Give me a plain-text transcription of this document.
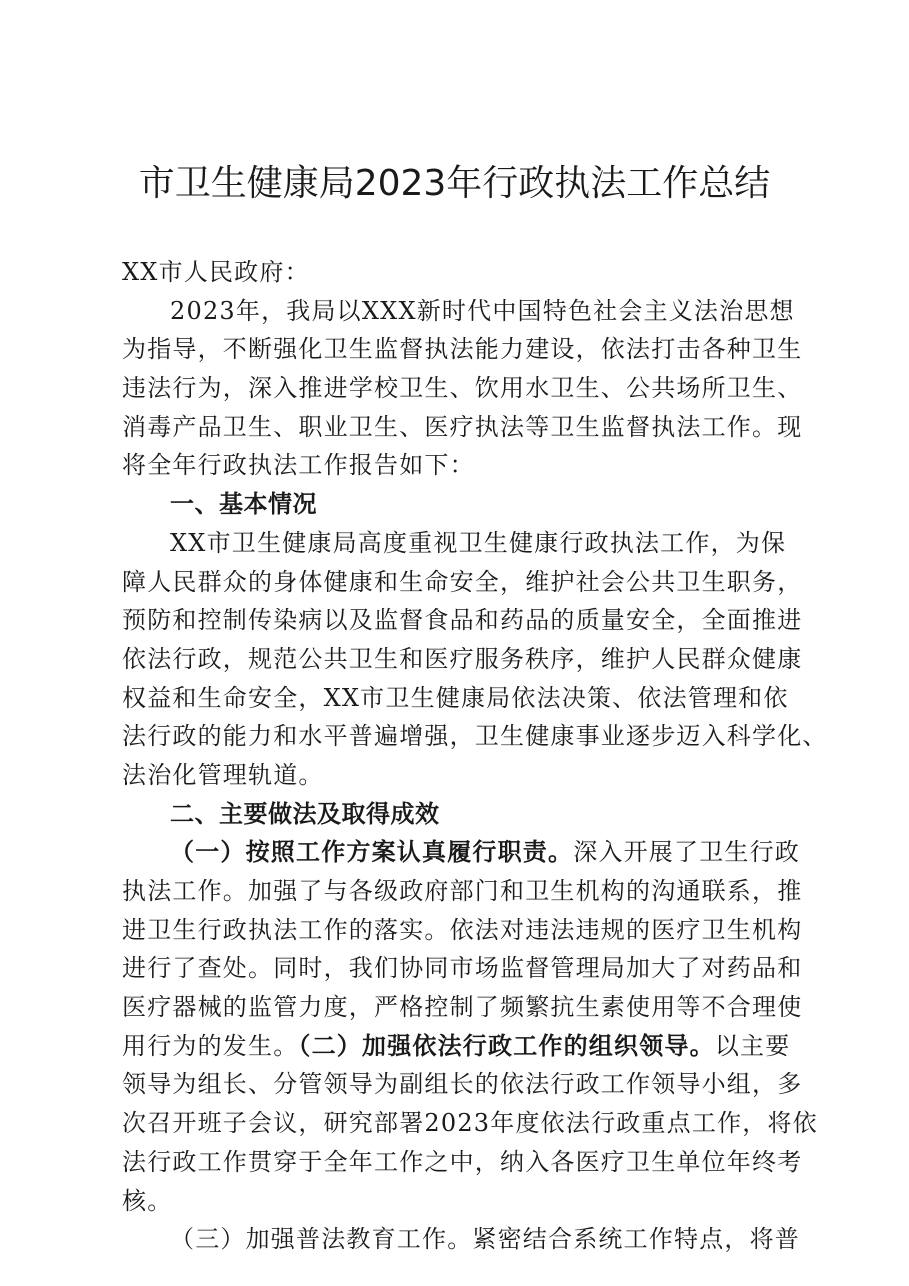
市卫生健康局2023年行政执法工作总结
XX市人民政府：
2023年，我局以XXX新时代中国特色社会主义法治思想
为指导，不断强化卫生监督执法能力建设，依法打击各种卫生
违法行为，深入推进学校卫生、饮用水卫生、公共场所卫生、
消毒产品卫生、职业卫生、医疗执法等卫生监督执法工作。现
将全年行政执法工作报告如下：
一、基本情况
XX市卫生健康局高度重视卫生健康行政执法工作，为保
障人民群众的身体健康和生命安全，维护社会公共卫生职务，
预防和控制传染病以及监督食品和药品的质量安全，全面推进
依法行政，规范公共卫生和医疗服务秩序，维护人民群众健康
权益和生命安全，XX市卫生健康局依法决策、依法管理和依
法行政的能力和水平普遍增强，卫生健康事业逐步迈入科学化、
法治化管理轨道。
二、主要做法及取得成效
（一）按照工作方案认真履行职责。深入开展了卫生行政
执法工作。加强了与各级政府部门和卫生机构的沟通联系，推
进卫生行政执法工作的落实。依法对违法违规的医疗卫生机构
进行了查处。同时，我们协同市场监督管理局加大了对药品和
医疗器械的监管力度，严格控制了频繁抗生素使用等不合理使
用行为的发生。（二）加强依法行政工作的组织领导。以主要
领导为组长、分管领导为副组长的依法行政工作领导小组，多
次召开班子会议，研究部署2023年度依法行政重点工作，将依
法行政工作贯穿于全年工作之中，纳入各医疗卫生单位年终考
核。
（三）加强普法教育工作。紧密结合系统工作特点，将普
